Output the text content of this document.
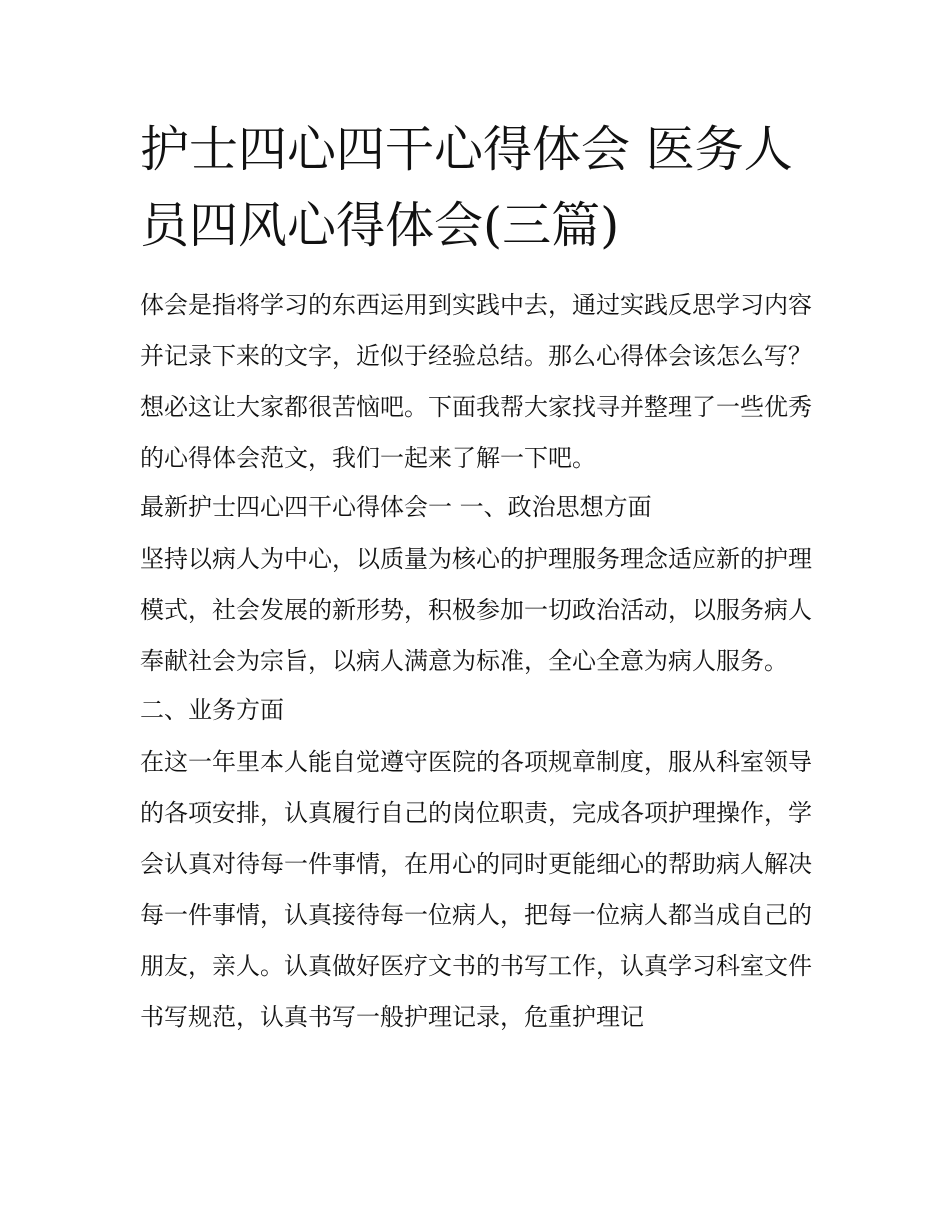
护士四心四干心得体会 医务人员四风心得体会(三篇)

体会是指将学习的东西运用到实践中去，通过实践反思学习内容并记录下来的文字，近似于经验总结。那么心得体会该怎么写？想必这让大家都很苦恼吧。下面我帮大家找寻并整理了一些优秀的心得体会范文，我们一起来了解一下吧。

最新护士四心四干心得体会一 一、政治思想方面

坚持以病人为中心，以质量为核心的护理服务理念适应新的护理模式，社会发展的新形势，积极参加一切政治活动，以服务病人奉献社会为宗旨，以病人满意为标准，全心全意为病人服务。

二、业务方面

在这一年里本人能自觉遵守医院的各项规章制度，服从科室领导的各项安排，认真履行自己的岗位职责，完成各项护理操作，学会认真对待每一件事情，在用心的同时更能细心的帮助病人解决每一件事情，认真接待每一位病人，把每一位病人都当成自己的朋友，亲人。认真做好医疗文书的书写工作，认真学习科室文件书写规范，认真书写一般护理记录，危重护理记
